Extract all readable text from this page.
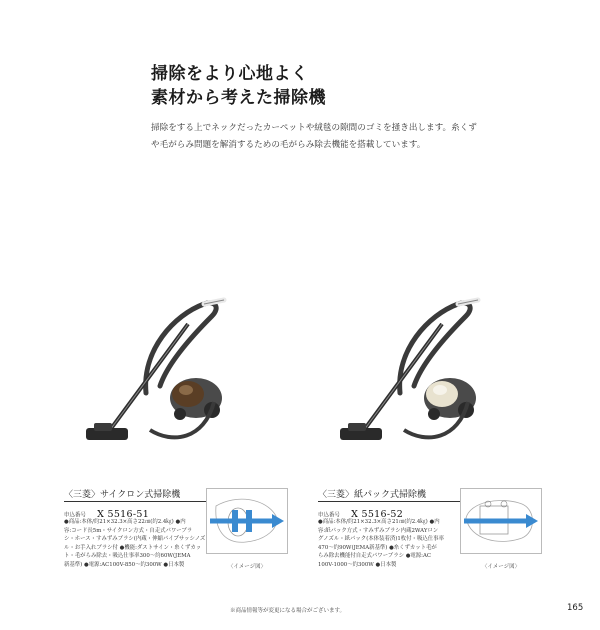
掃除をより心地よく
素材から考えた掃除機
掃除をする上でネックだったカーペットや絨毯の隙間のゴミを掻き出します。糸くず
や毛がらみ問題を解消するための毛がらみ除去機能を搭載しています。
〈三菱〉サイクロン式掃除機
申込番号 X 5516-51
●商品:本体/約21×32.3×高さ22㎝(約2.4㎏) ●内
容:コード長5m・サイクロン方式・自走式パワーブラ
シ・ホース・すみずみブラシ(内蔵・伸縮パイプサッシノズ
ル・お手入れブラシ付 ●機能:ダストサイン・糸くずカッ
ト・毛がらみ除去・吸込仕事率300～約60W(JEMA
新基準) ●電源:AC100V-850～約300W ●日本製	〈イメージ図〉
〈三菱〉紙パック式掃除機
申込番号 X 5516-52
●商品:本体/約21×32.3×高さ21㎝(約2.4㎏) ●内
容:紙パック方式・すみずみブラシ内蔵2WAYロン
グノズル・紙パック(本体装着済)1枚付・吸込仕事率
470～約90W(JEMA新基準) ●糸くずカット毛が
らみ除去機能付自走式パワーブラシ ●電源:AC
100V-1000～約300W ●日本製	〈イメージ図〉
※商品情報等が変更になる場合がございます。	165
